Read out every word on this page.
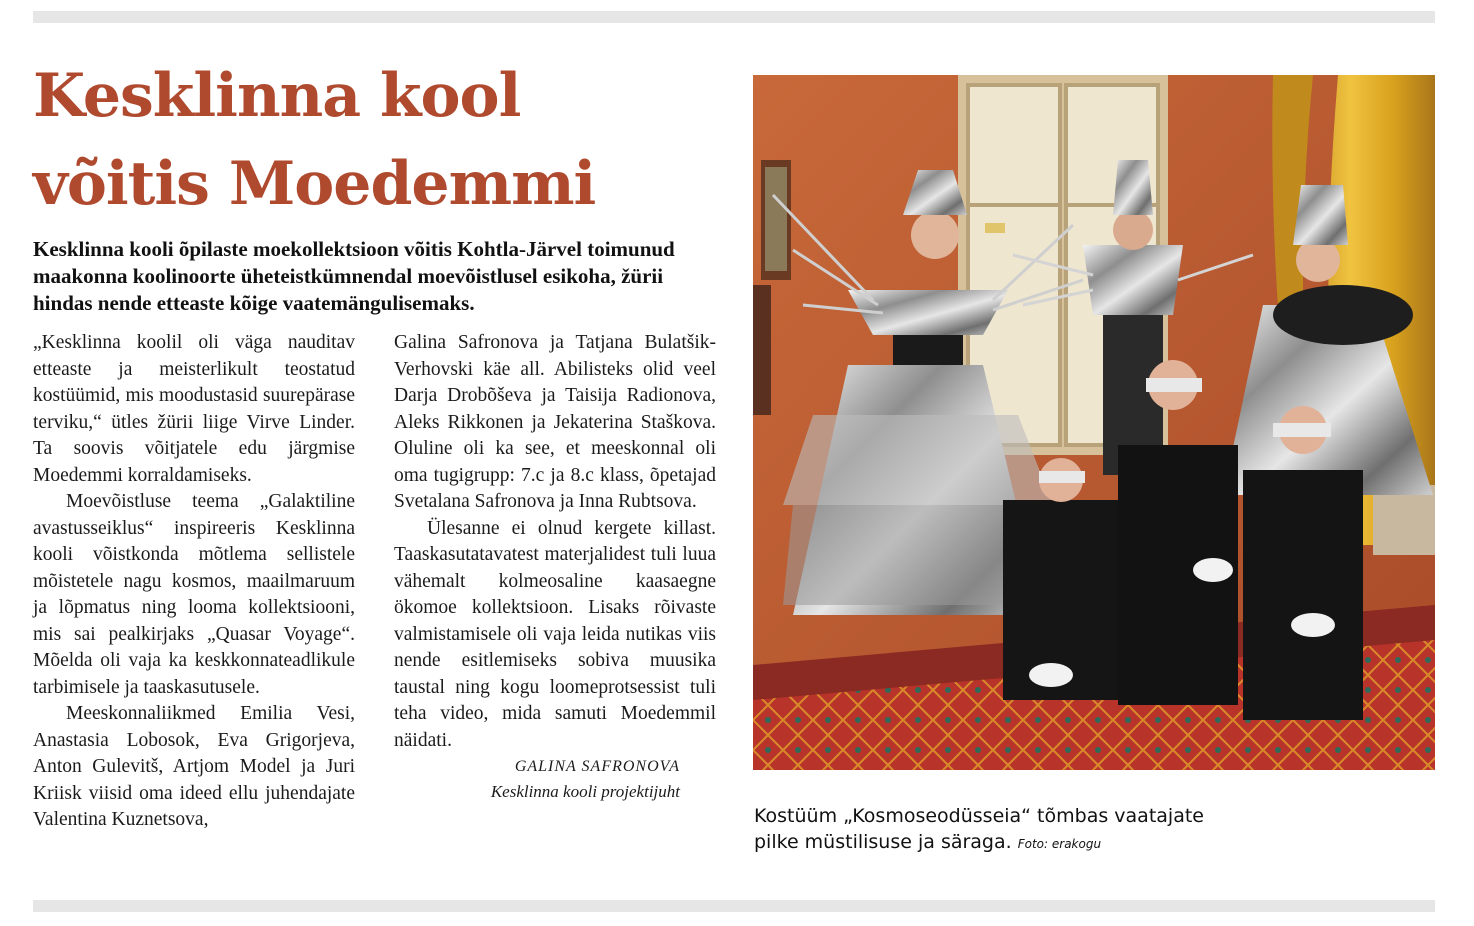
Kesklinna kool
võitis Moedemmi

Kesklinna kooli õpilaste moekollektsioon võitis Kohtla-Järvel toimunud maakonna koolinoorte üheteistkümnendal moevõistlusel esikoha, žürii hindas nende etteaste kõige vaatemängulisemaks.

„Kesklinna koolil oli väga nauditav etteaste ja meisterlikult teostatud kostüümid, mis moodustasid suurepärase terviku,“ ütles žürii liige Virve Linder. Ta soovis võitjatele edu järgmise Moedemmi korraldamiseks.

Moevõistluse teema „Galaktiline avastusseiklus“ inspireeris Kesklinna kooli võistkonda mõtlema sellistele mõistetele nagu kosmos, maailmaruum ja lõpmatus ning looma kollektsiooni, mis sai pealkirjaks „Quasar Voyage“. Mõelda oli vaja ka keskkonnateadlikule tarbimisele ja taaskasutusele.

Meeskonnaliikmed Emilia Vesi, Anastasia Lobosok, Eva Grigorjeva, Anton Gulevitš, Artjom Model ja Juri Kriisk viisid oma ideed ellu juhendajate Valentina Kuznetsova,

Galina Safronova ja Tatjana Bulatšik-Verhovski käe all. Abilisteks olid veel Darja Drobõševa ja Taisija Radionova, Aleks Rikkonen ja Jekaterina Staškova. Oluline oli ka see, et meeskonnal oli oma tugigrupp: 7.c ja 8.c klass, õpetajad Svetalana Safronova ja Inna Rubtsova.

Ülesanne ei olnud kergete killast. Taaskasutatavatest materjalidest tuli luua vähemalt kolmeosaline kaasaegne ökomoe kollektsioon. Lisaks rõivaste valmistamisele oli vaja leida nutikas viis nende esitlemiseks sobiva muusika taustal ning kogu loomeprotsessist tuli teha video, mida samuti Moedemmil näidati.

GALINA SAFRONOVA
Kesklinna kooli projektijuht
Kostüüm „Kosmoseodüsseia“ tõmbas vaatajate pilke müstilisuse ja säraga. Foto: erakogu
